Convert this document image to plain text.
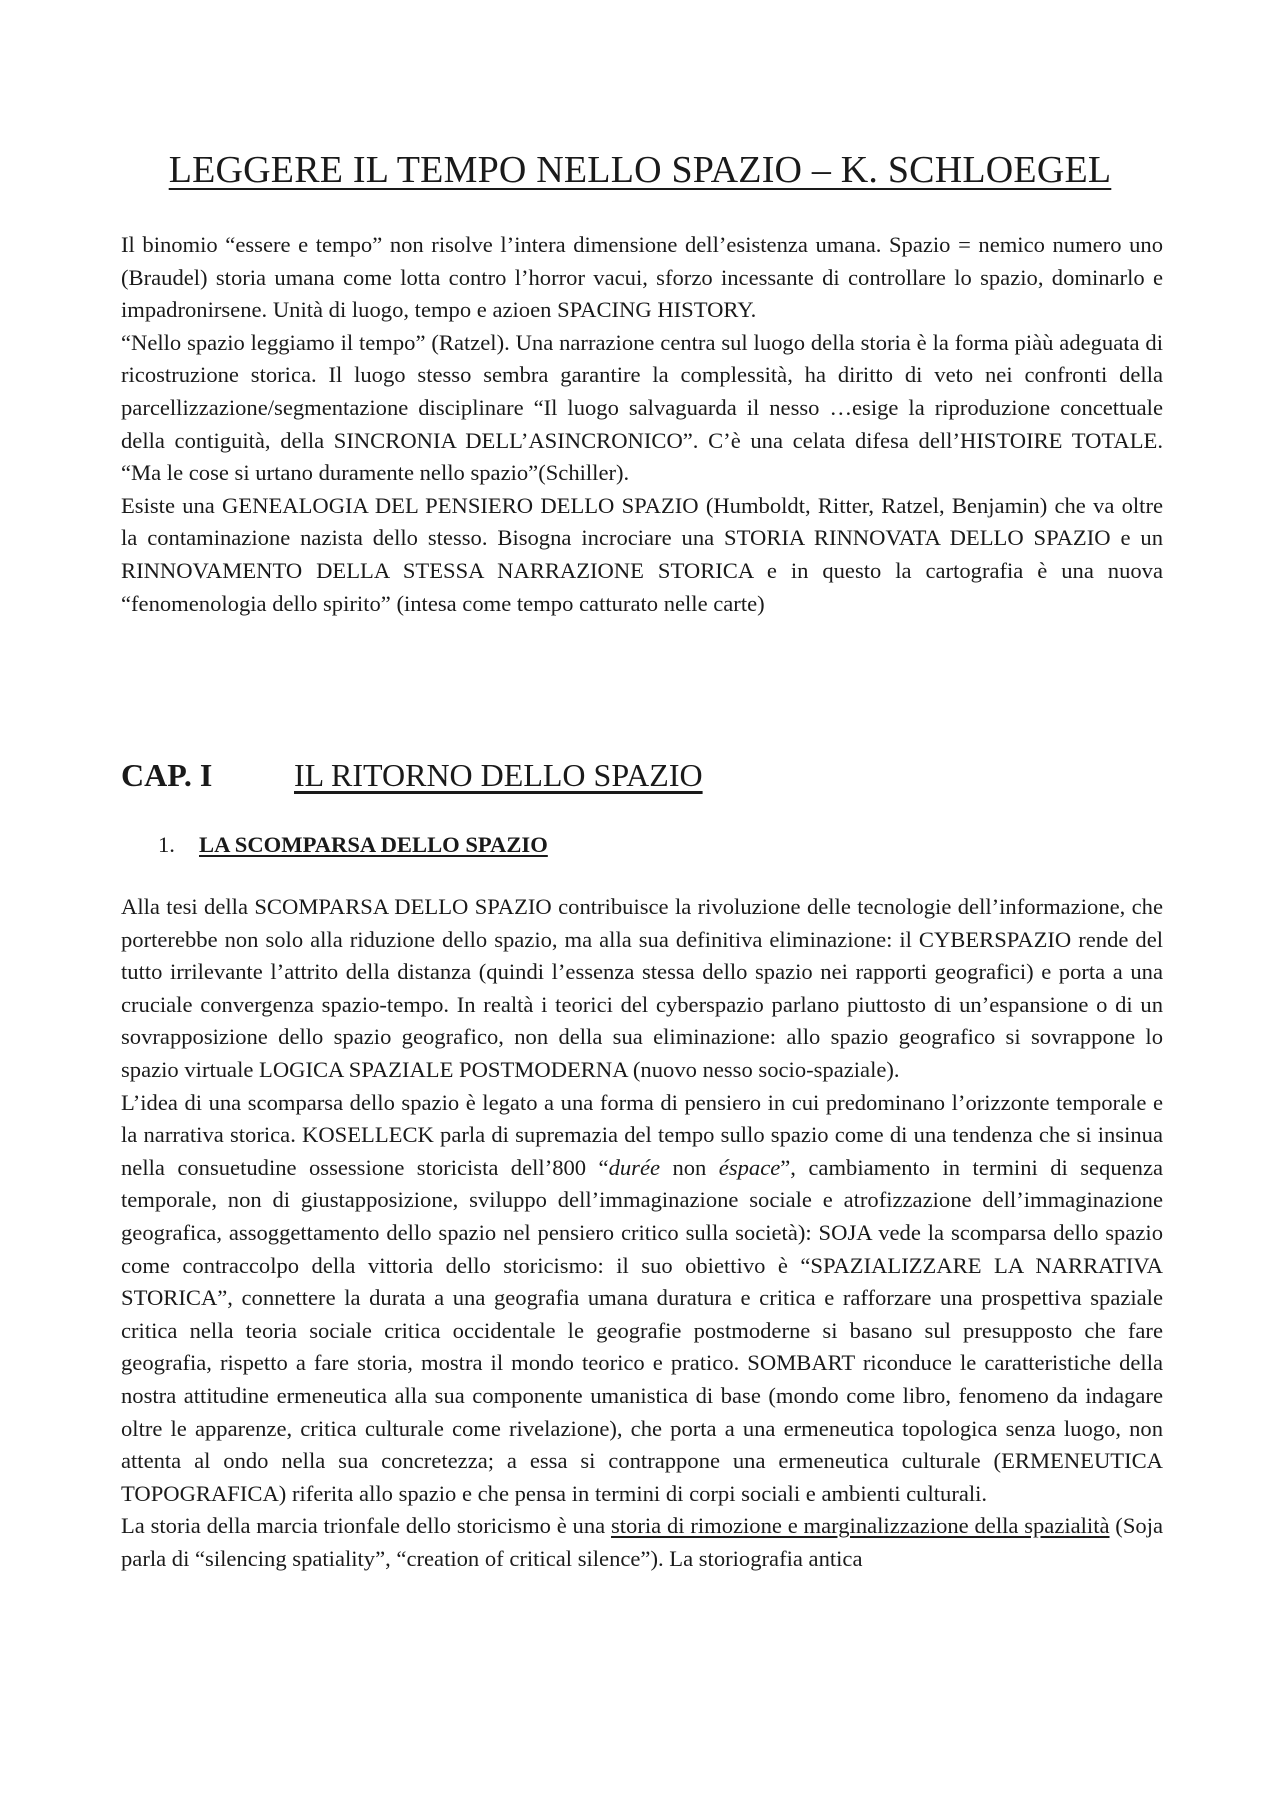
LEGGERE IL TEMPO NELLO SPAZIO – K. SCHLOEGEL

Il binomio “essere e tempo” non risolve l’intera dimensione dell’esistenza umana. Spazio = nemico numero uno (Braudel) storia umana come lotta contro l’horror vacui, sforzo incessante di controllare lo spazio, dominarlo e impadronirsene. Unità di luogo, tempo e azioen SPACING HISTORY.

“Nello spazio leggiamo il tempo” (Ratzel). Una narrazione centra sul luogo della storia è la forma piàù adeguata di ricostruzione storica. Il luogo stesso sembra garantire la complessità, ha diritto di veto nei confronti della parcellizzazione/segmentazione disciplinare “Il luogo salvaguarda il nesso …esige la riproduzione concettuale della contiguità, della SINCRONIA DELL’ASINCRONICO”. C’è una celata difesa dell’HISTOIRE TOTALE. “Ma le cose si urtano duramente nello spazio”(Schiller).

Esiste una GENEALOGIA DEL PENSIERO DELLO SPAZIO (Humboldt, Ritter, Ratzel, Benjamin) che va oltre la contaminazione nazista dello stesso. Bisogna incrociare una STORIA RINNOVATA DELLO SPAZIO e un RINNOVAMENTO DELLA STESSA NARRAZIONE STORICA e in questo la cartografia è una nuova “fenomenologia dello spirito” (intesa come tempo catturato nelle carte)

CAP. I	IL RITORNO DELLO SPAZIO
1. LA SCOMPARSA DELLO SPAZIO

Alla tesi della SCOMPARSA DELLO SPAZIO contribuisce la rivoluzione delle tecnologie dell’informazione, che porterebbe non solo alla riduzione dello spazio, ma alla sua definitiva eliminazione: il CYBERSPAZIO rende del tutto irrilevante l’attrito della distanza (quindi l’essenza stessa dello spazio nei rapporti geografici) e porta a una cruciale convergenza spazio-tempo. In realtà i teorici del cyberspazio parlano piuttosto di un’espansione o di un sovrapposizione dello spazio geografico, non della sua eliminazione: allo spazio geografico si sovrappone lo spazio virtuale LOGICA SPAZIALE POSTMODERNA (nuovo nesso socio-spaziale).

L’idea di una scomparsa dello spazio è legato a una forma di pensiero in cui predominano l’orizzonte temporale e la narrativa storica. KOSELLECK parla di supremazia del tempo sullo spazio come di una tendenza che si insinua nella consuetudine ossessione storicista dell’800 “durée non éspace”, cambiamento in termini di sequenza temporale, non di giustapposizione, sviluppo dell’immaginazione sociale e atrofizzazione dell’immaginazione geografica, assoggettamento dello spazio nel pensiero critico sulla società): SOJA vede la scomparsa dello spazio come contraccolpo della vittoria dello storicismo: il suo obiettivo è “SPAZIALIZZARE LA NARRATIVA STORICA”, connettere la durata a una geografia umana duratura e critica e rafforzare una prospettiva spaziale critica nella teoria sociale critica occidentale le geografie postmoderne si basano sul presupposto che fare geografia, rispetto a fare storia, mostra il mondo teorico e pratico. SOMBART riconduce le caratteristiche della nostra attitudine ermeneutica alla sua componente umanistica di base (mondo come libro, fenomeno da indagare oltre le apparenze, critica culturale come rivelazione), che porta a una ermeneutica topologica senza luogo, non attenta al ondo nella sua concretezza; a essa si contrappone una ermeneutica culturale (ERMENEUTICA TOPOGRAFICA) riferita allo spazio e che pensa in termini di corpi sociali e ambienti culturali.

La storia della marcia trionfale dello storicismo è una storia di rimozione e marginalizzazione della spazialità (Soja parla di “silencing spatiality”, “creation of critical silence”). La storiografia antica
